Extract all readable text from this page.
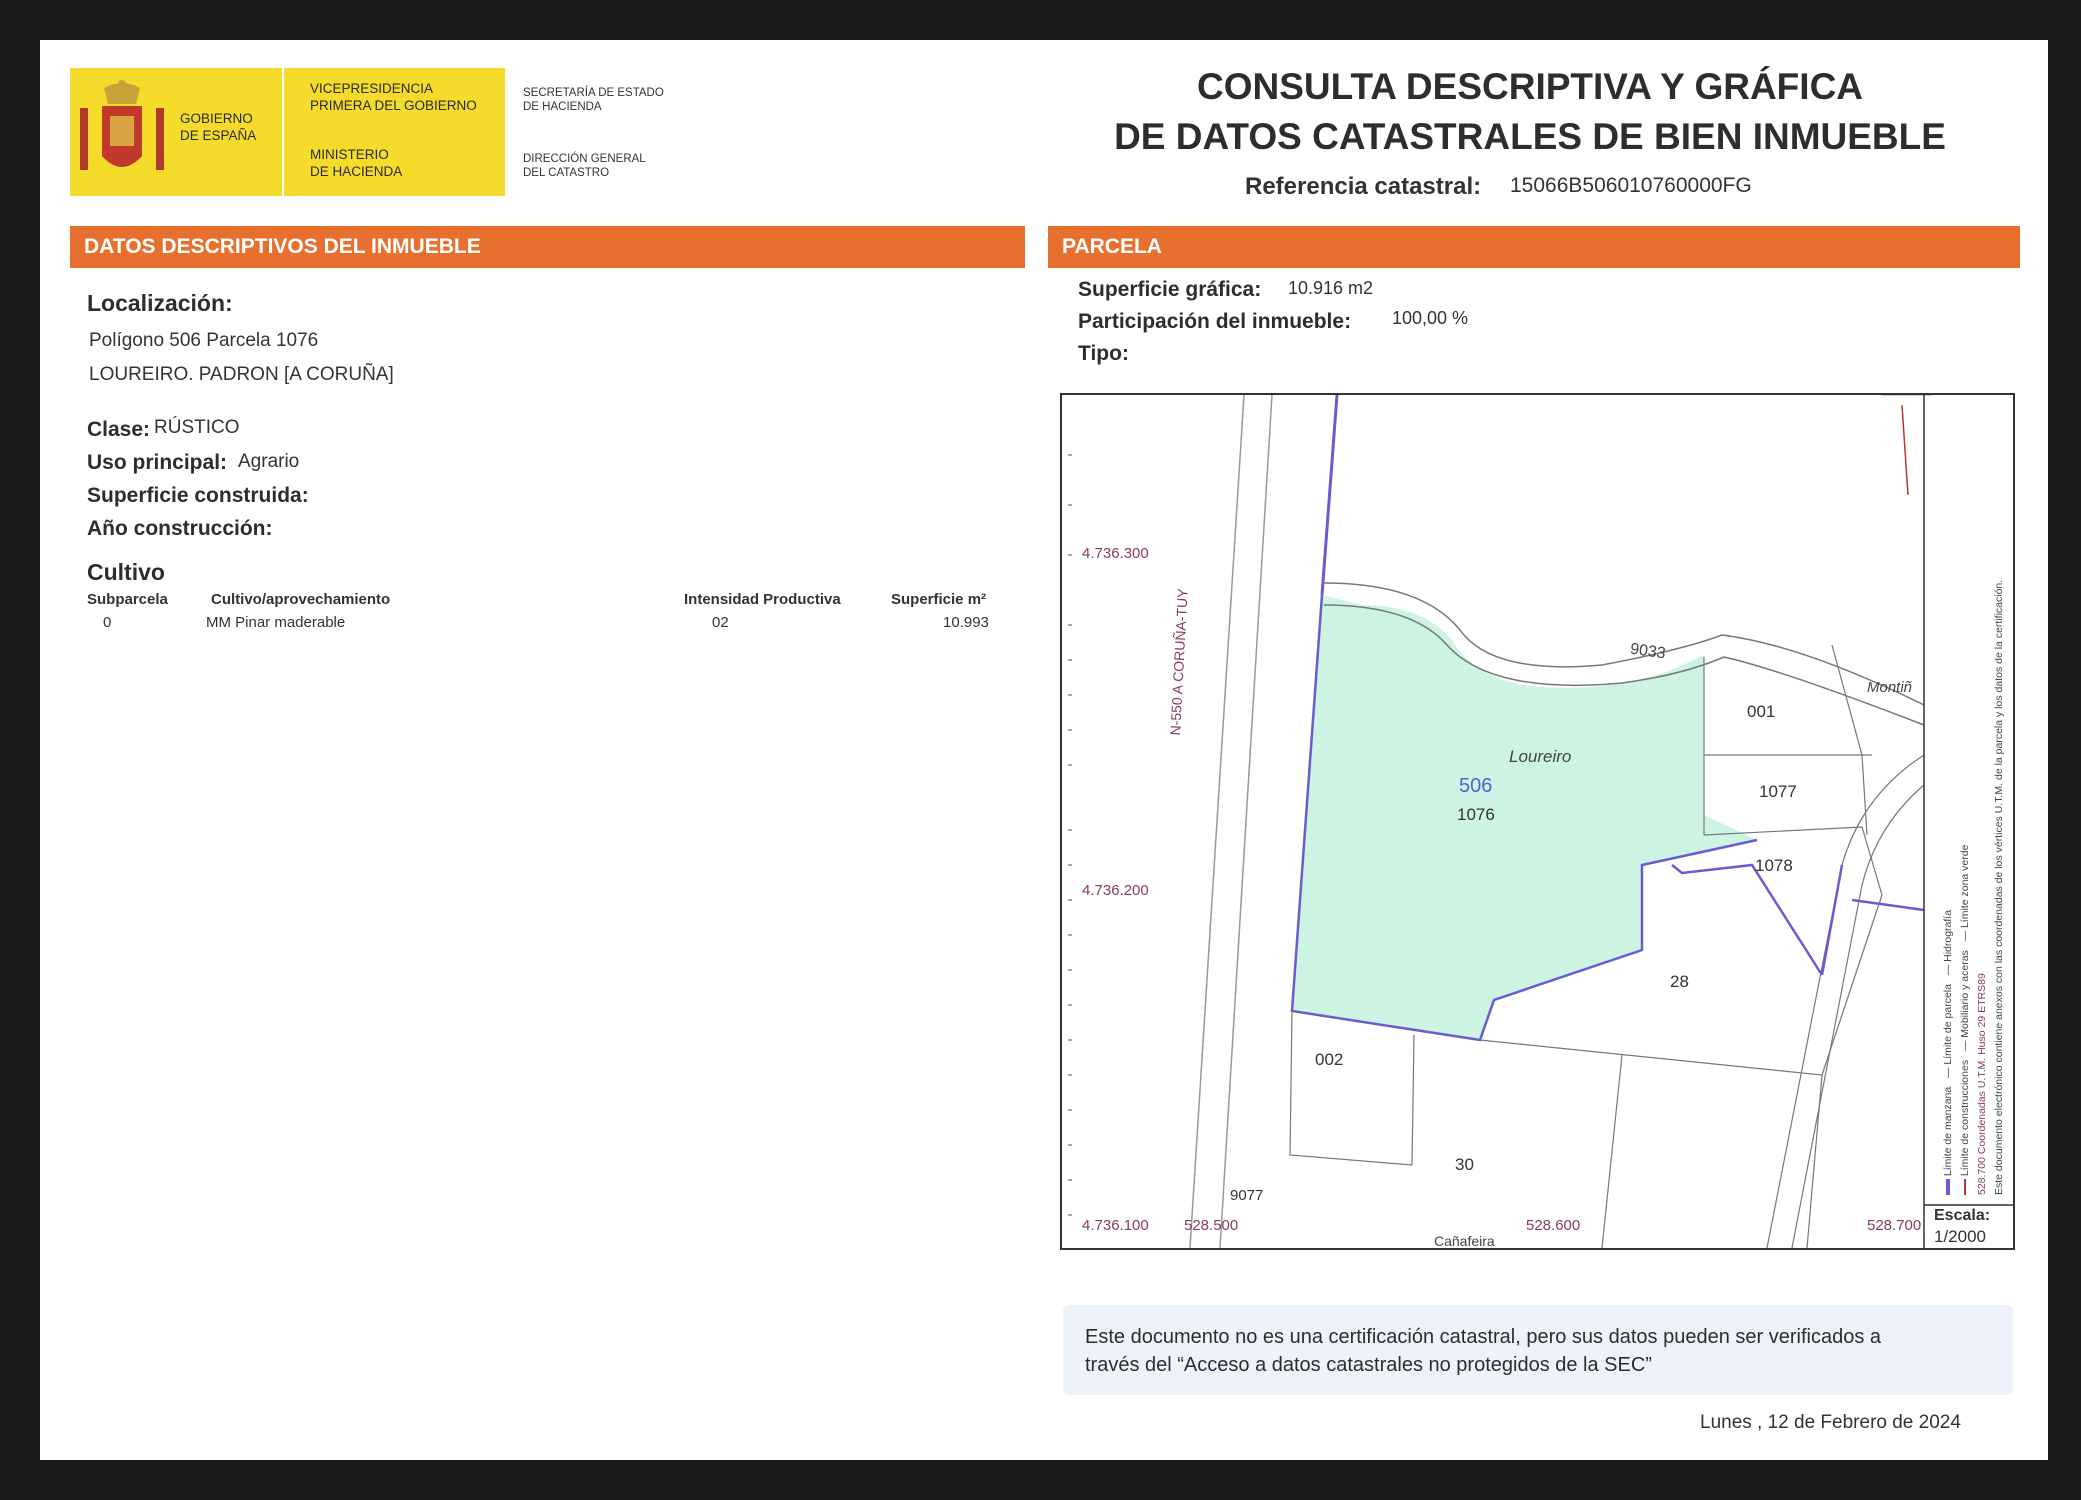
GOBIERNO
DE ESPAÑA
VICEPRESIDENCIA
PRIMERA DEL GOBIERNO
MINISTERIO
DE HACIENDA
SECRETARÍA DE ESTADO
DE HACIENDA
DIRECCIÓN GENERAL
DEL CATASTRO
CONSULTA DESCRIPTIVA Y GRÁFICA
DE DATOS CATASTRALES DE BIEN INMUEBLE
Referencia catastral: 15066B506010760000FG
DATOS DESCRIPTIVOS DEL INMUEBLE
Localización:
Polígono 506 Parcela 1076
LOUREIRO. PADRON [A CORUÑA]
Clase: RÚSTICO
Uso principal: Agrario
Superficie construida:
Año construcción:
Cultivo
Subparcela	Cultivo/aprovechamiento	Intensidad Productiva	Superficie m²
0	MM Pinar maderable	02	10.993
PARCELA
Superficie gráfica: 10.916 m2
Participación del inmueble: 100,00 %
Tipo:
4.736.300
4.736.200
4.736.100 528.500	528.600	528.700
N-550 A CORUÑA-TUY
Loureiro
506
1076
9033
001
1077
1078
28
002
30
9077
Montiñ
Cañafeira
Límite de manzana   — Límite de parcela   — Hidrografía
Límite de construcciones   — Mobiliario y aceras   — Límite zona verde
528.700 Coordenadas U.T.M. Huso 29 ETRS89 Este documento electrónico contiene anexos con las coordenadas de los vértices U.T.M. de la parcela y los datos de la certificación.
Escala:
1/2000
Este documento no es una certificación catastral, pero sus datos pueden ser verificados a
través del “Acceso a datos catastrales no protegidos de la SEC”
Lunes , 12 de Febrero de 2024
